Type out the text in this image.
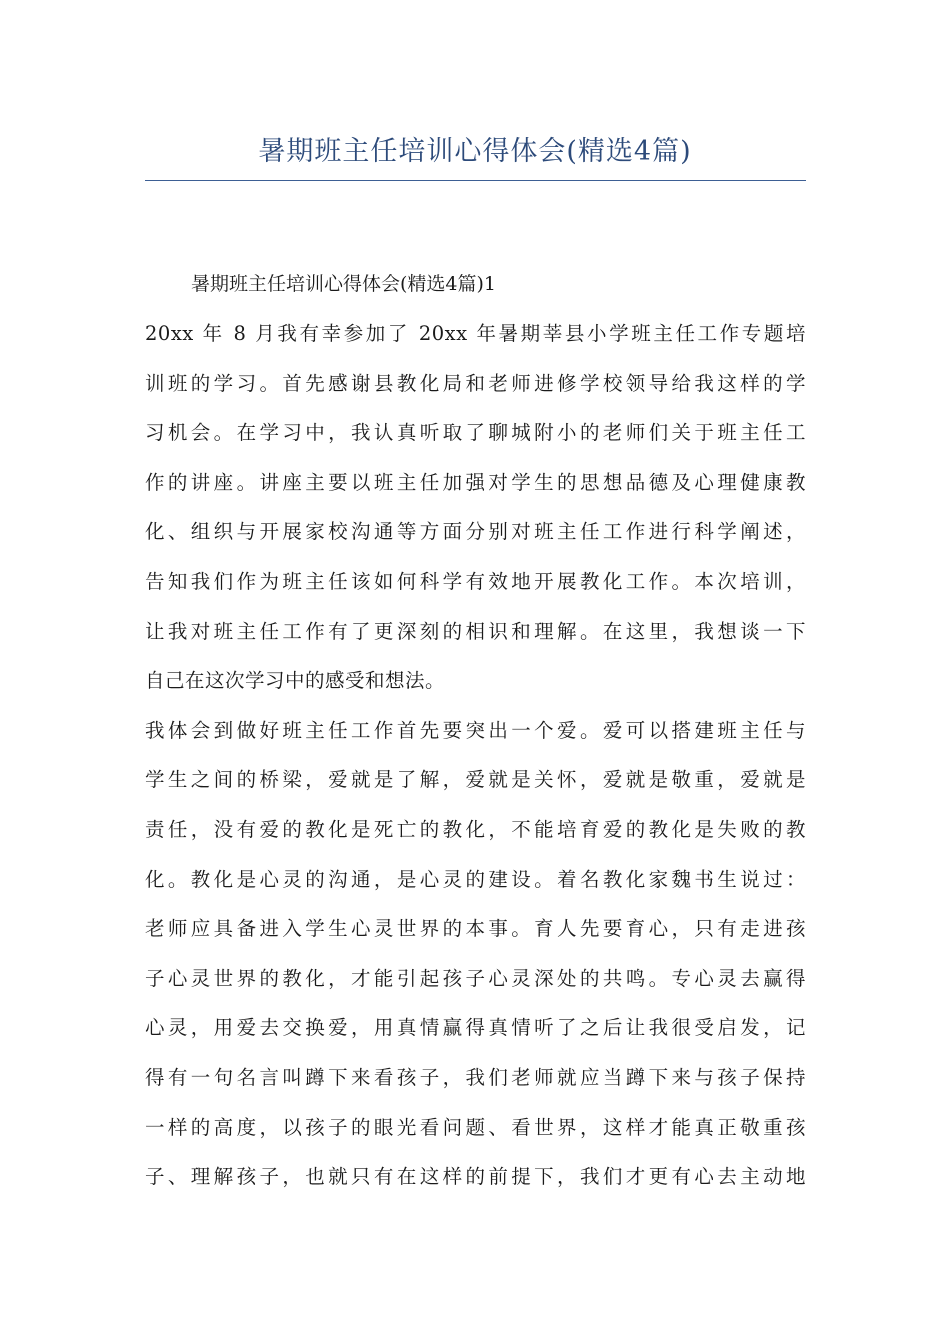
暑期班主任培训心得体会(精选4篇)

暑期班主任培训心得体会(精选4篇)1

20xx 年 8 月我有幸参加了 20xx 年暑期莘县小学班主任工作专题培
训班的学习。首先感谢县教化局和老师进修学校领导给我这样的学
习机会。在学习中，我认真听取了聊城附小的老师们关于班主任工
作的讲座。讲座主要以班主任加强对学生的思想品德及心理健康教
化、组织与开展家校沟通等方面分别对班主任工作进行科学阐述，
告知我们作为班主任该如何科学有效地开展教化工作。本次培训，
让我对班主任工作有了更深刻的相识和理解。在这里，我想谈一下
自己在这次学习中的感受和想法。
我体会到做好班主任工作首先要突出一个爱。爱可以搭建班主任与
学生之间的桥梁，爱就是了解，爱就是关怀，爱就是敬重，爱就是
责任，没有爱的教化是死亡的教化，不能培育爱的教化是失败的教
化。教化是心灵的沟通，是心灵的建设。着名教化家魏书生说过：
老师应具备进入学生心灵世界的本事。育人先要育心，只有走进孩
子心灵世界的教化，才能引起孩子心灵深处的共鸣。专心灵去赢得
心灵，用爱去交换爱，用真情赢得真情听了之后让我很受启发，记
得有一句名言叫蹲下来看孩子，我们老师就应当蹲下来与孩子保持
一样的高度，以孩子的眼光看问题、看世界，这样才能真正敬重孩
子、理解孩子，也就只有在这样的前提下，我们才更有心去主动地
